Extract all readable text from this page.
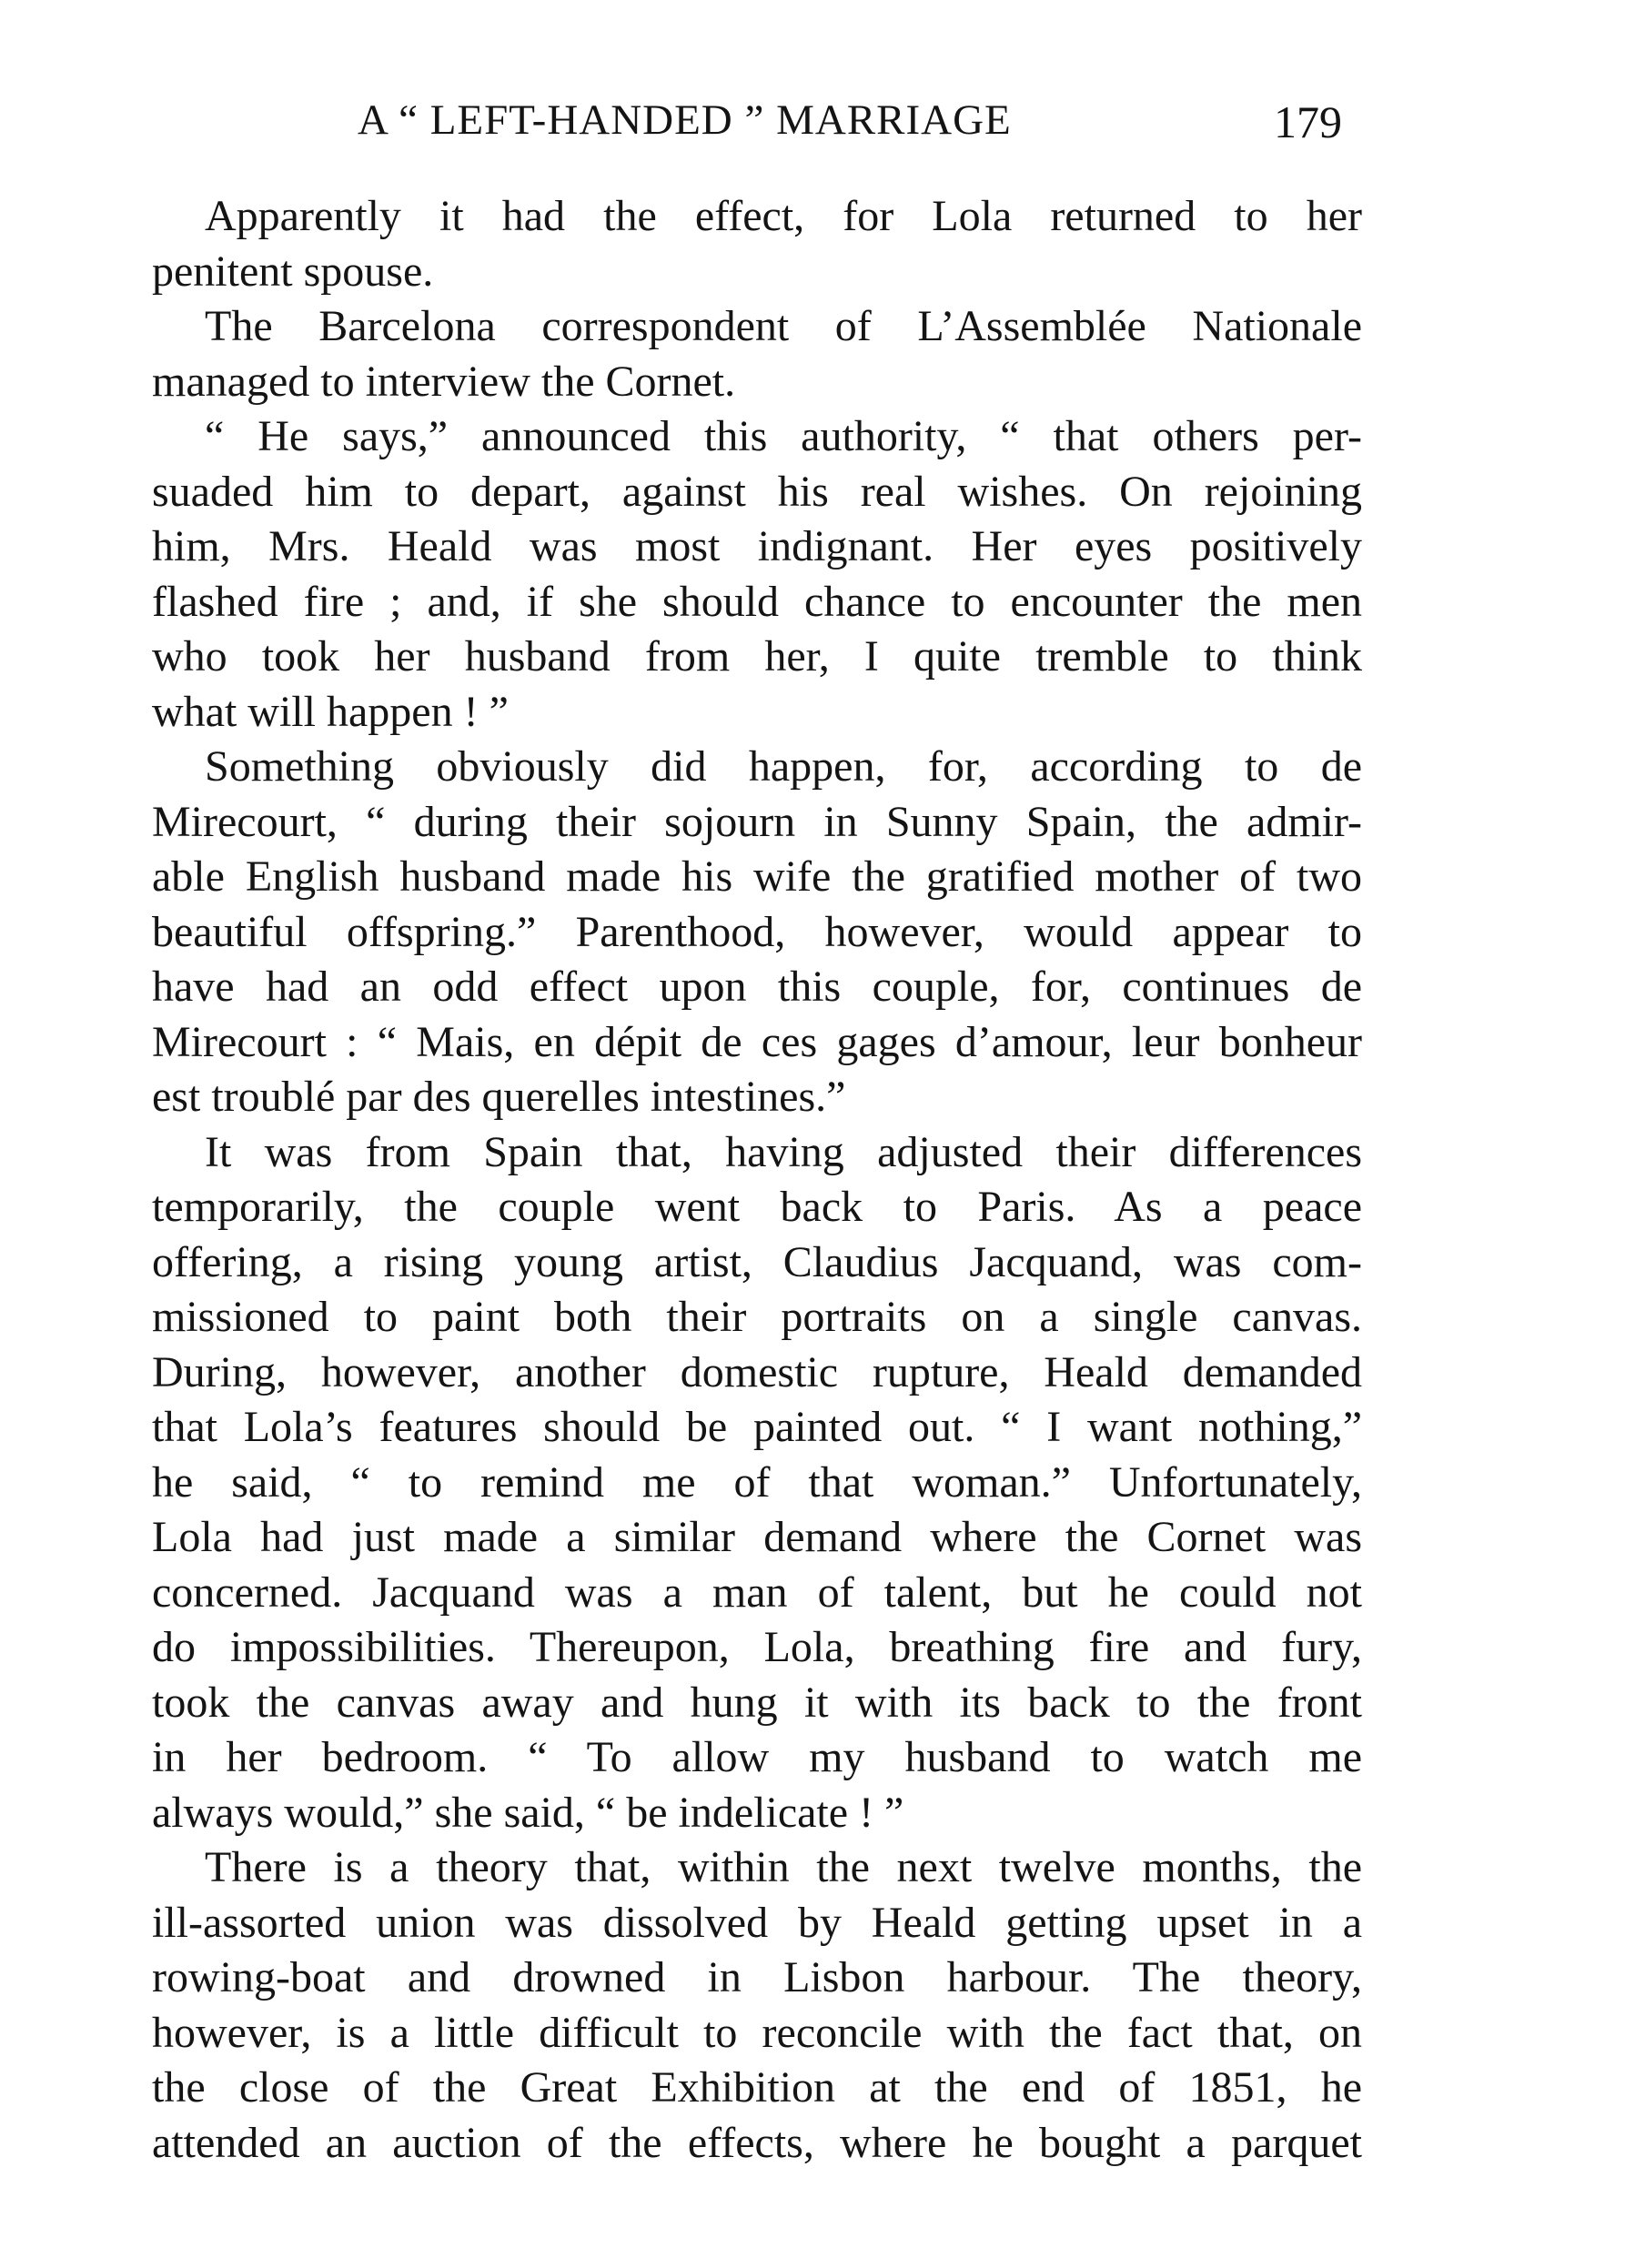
A “ LEFT-HANDED ” MARRIAGE	179
Apparently it had the effect, for Lola returned to her
penitent spouse.
The Barcelona correspondent of L’Assemblée Nationale
managed to interview the Cornet.
“ He says,” announced this authority, “ that others per-
suaded him to depart, against his real wishes. On rejoining
him, Mrs. Heald was most indignant. Her eyes positively
flashed fire ; and, if she should chance to encounter the men
who took her husband from her, I quite tremble to think
what will happen ! ”
Something obviously did happen, for, according to de
Mirecourt, “ during their sojourn in Sunny Spain, the admir-
able English husband made his wife the gratified mother of two
beautiful offspring.” Parenthood, however, would appear to
have had an odd effect upon this couple, for, continues de
Mirecourt : “ Mais, en dépit de ces gages d’amour, leur bonheur
est troublé par des querelles intestines.”
It was from Spain that, having adjusted their differences
temporarily, the couple went back to Paris. As a peace
offering, a rising young artist, Claudius Jacquand, was com-
missioned to paint both their portraits on a single canvas.
During, however, another domestic rupture, Heald demanded
that Lola’s features should be painted out. “ I want nothing,”
he said, “ to remind me of that woman.” Unfortunately,
Lola had just made a similar demand where the Cornet was
concerned. Jacquand was a man of talent, but he could not
do impossibilities. Thereupon, Lola, breathing fire and fury,
took the canvas away and hung it with its back to the front
in her bedroom. “ To allow my husband to watch me
always would,” she said, “ be indelicate ! ”
There is a theory that, within the next twelve months, the
ill-assorted union was dissolved by Heald getting upset in a
rowing-boat and drowned in Lisbon harbour. The theory,
however, is a little difficult to reconcile with the fact that, on
the close of the Great Exhibition at the end of 1851, he
attended an auction of the effects, where he bought a parquet
